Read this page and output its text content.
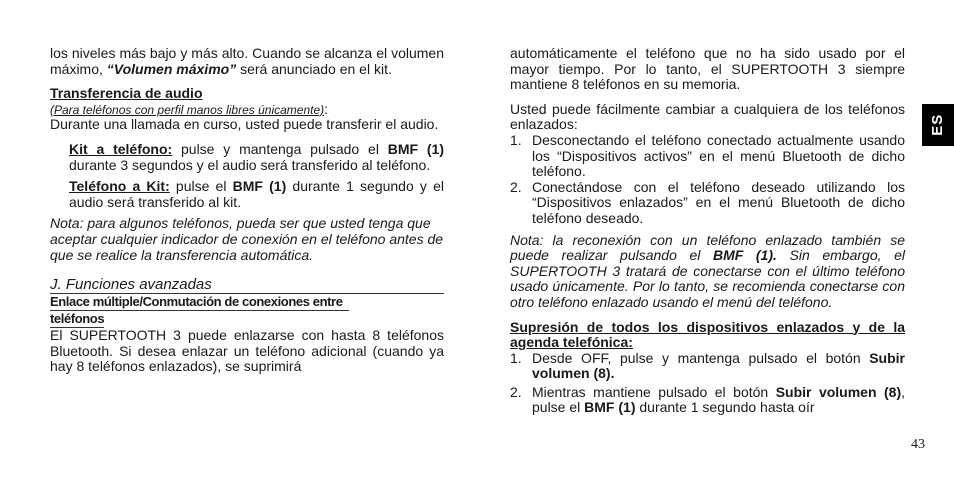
los niveles más bajo y más alto. Cuando se alcanza el volumen máximo, “Volumen máximo” será anunciado en el kit.

Transferencia de audio

(Para teléfonos con perfil manos libres únicamente):

Durante una llamada en curso, usted puede transferir el audio.

Kit a teléfono: pulse y mantenga pulsado el BMF (1) durante 3 segundos y el audio será transferido al teléfono.

Teléfono a Kit: pulse el BMF (1) durante 1 segundo y el audio será transferido al kit.

Nota: para algunos teléfonos, pueda ser que usted tenga que aceptar cualquier indicador de conexión en el teléfono antes de que se realice la transferencia automática.

J. Funciones avanzadas

Enlace múltiple/Conmutación de conexiones entre
teléfonos

El SUPERTOOTH 3 puede enlazarse con hasta 8 teléfonos Bluetooth. Si desea enlazar un teléfono adicional (cuando ya hay 8 teléfonos enlazados), se suprimirá

automáticamente el teléfono que no ha sido usado por el mayor tiempo. Por lo tanto, el SUPERTOOTH 3 siempre mantiene 8 teléfonos en su memoria.

Usted puede fácilmente cambiar a cualquiera de los teléfonos enlazados:

1. Desconectando el teléfono conectado actualmente usando los “Dispositivos activos” en el menú Bluetooth de dicho teléfono.
2. Conectándose con el teléfono deseado utilizando los “Dispositivos enlazados” en el menú Bluetooth de dicho teléfono deseado.

Nota: la reconexión con un teléfono enlazado también se puede realizar pulsando el BMF (1). Sin embargo, el SUPERTOOTH 3 tratará de conectarse con el último teléfono usado únicamente. Por lo tanto, se recomienda conectarse con otro teléfono enlazado usando el menú del teléfono.

Supresión de todos los dispositivos enlazados y de la agenda telefónica:

1. Desde OFF, pulse y mantenga pulsado el botón Subir volumen (8).
2. Mientras mantiene pulsado el botón Subir volumen (8), pulse el BMF (1) durante 1 segundo hasta oír
ES
43
